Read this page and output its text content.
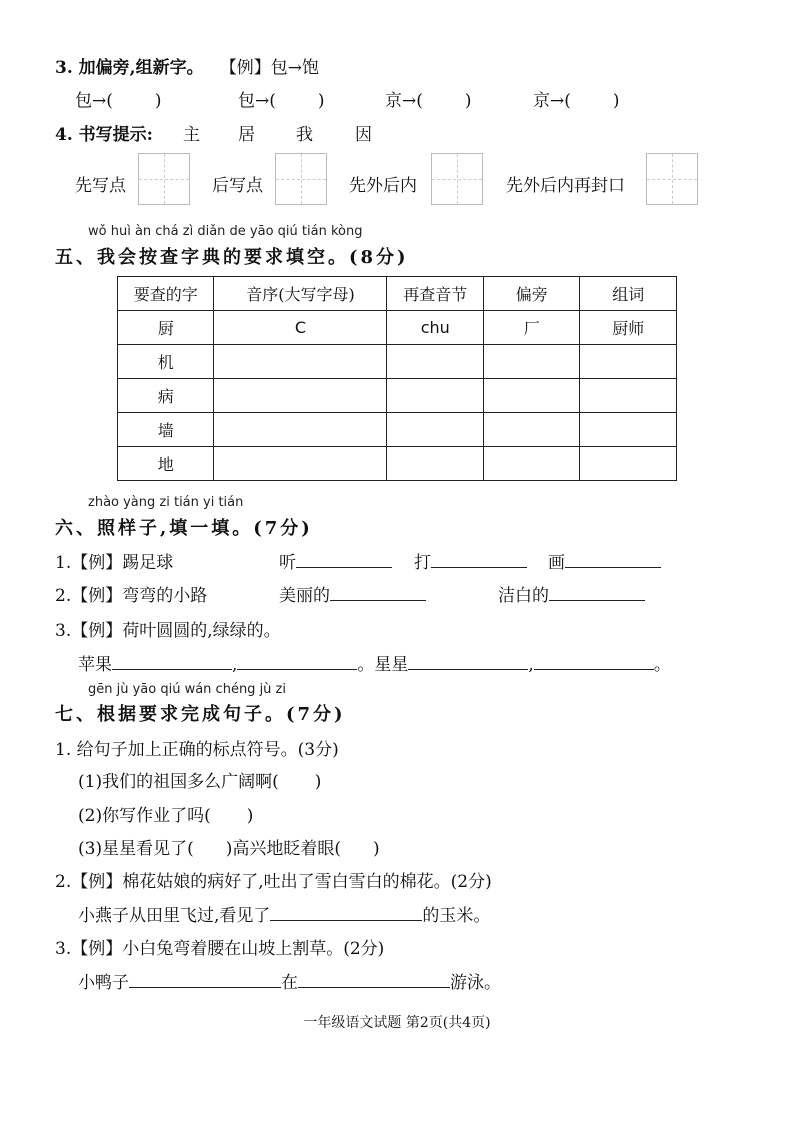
3. 加偏旁,组新字。 【例】包→饱
包→( )	包→( )	京→( )	京→( )
4. 书写提示: 主 居 我 因
先写点	后写点	先外后内	先外后内再封口
wǒ huì àn chá zì diǎn de yāo qiú tián kòng
五、我会按查字典的要求填空。(8分)
要查的字	音序(大写字母)	再查音节	偏旁	组词
厨	C	chu	厂	厨师
机				
病				
墙				
地				
zhào yàng zi tián yi tián
六、照样子,填一填。(7分)
1.【例】踢足球	听	打	画
2.【例】弯弯的小路	美丽的	洁白的
3.【例】荷叶圆圆的,绿绿的。
苹果	,	。星星	,	。
gēn jù yāo qiú wán chéng jù zi
七、根据要求完成句子。(7分)
1. 给句子加上正确的标点符号。(3分)
(1)我们的祖国多么广阔啊( )
(2)你写作业了吗( )
(3)星星看见了( )高兴地眨着眼( )
2.【例】棉花姑娘的病好了,吐出了雪白雪白的棉花。(2分)
小燕子从田里飞过,看见了	的玉米。
3.【例】小白兔弯着腰在山坡上割草。(2分)
小鸭子	在	游泳。
一年级语文试题 第2页(共4页)
